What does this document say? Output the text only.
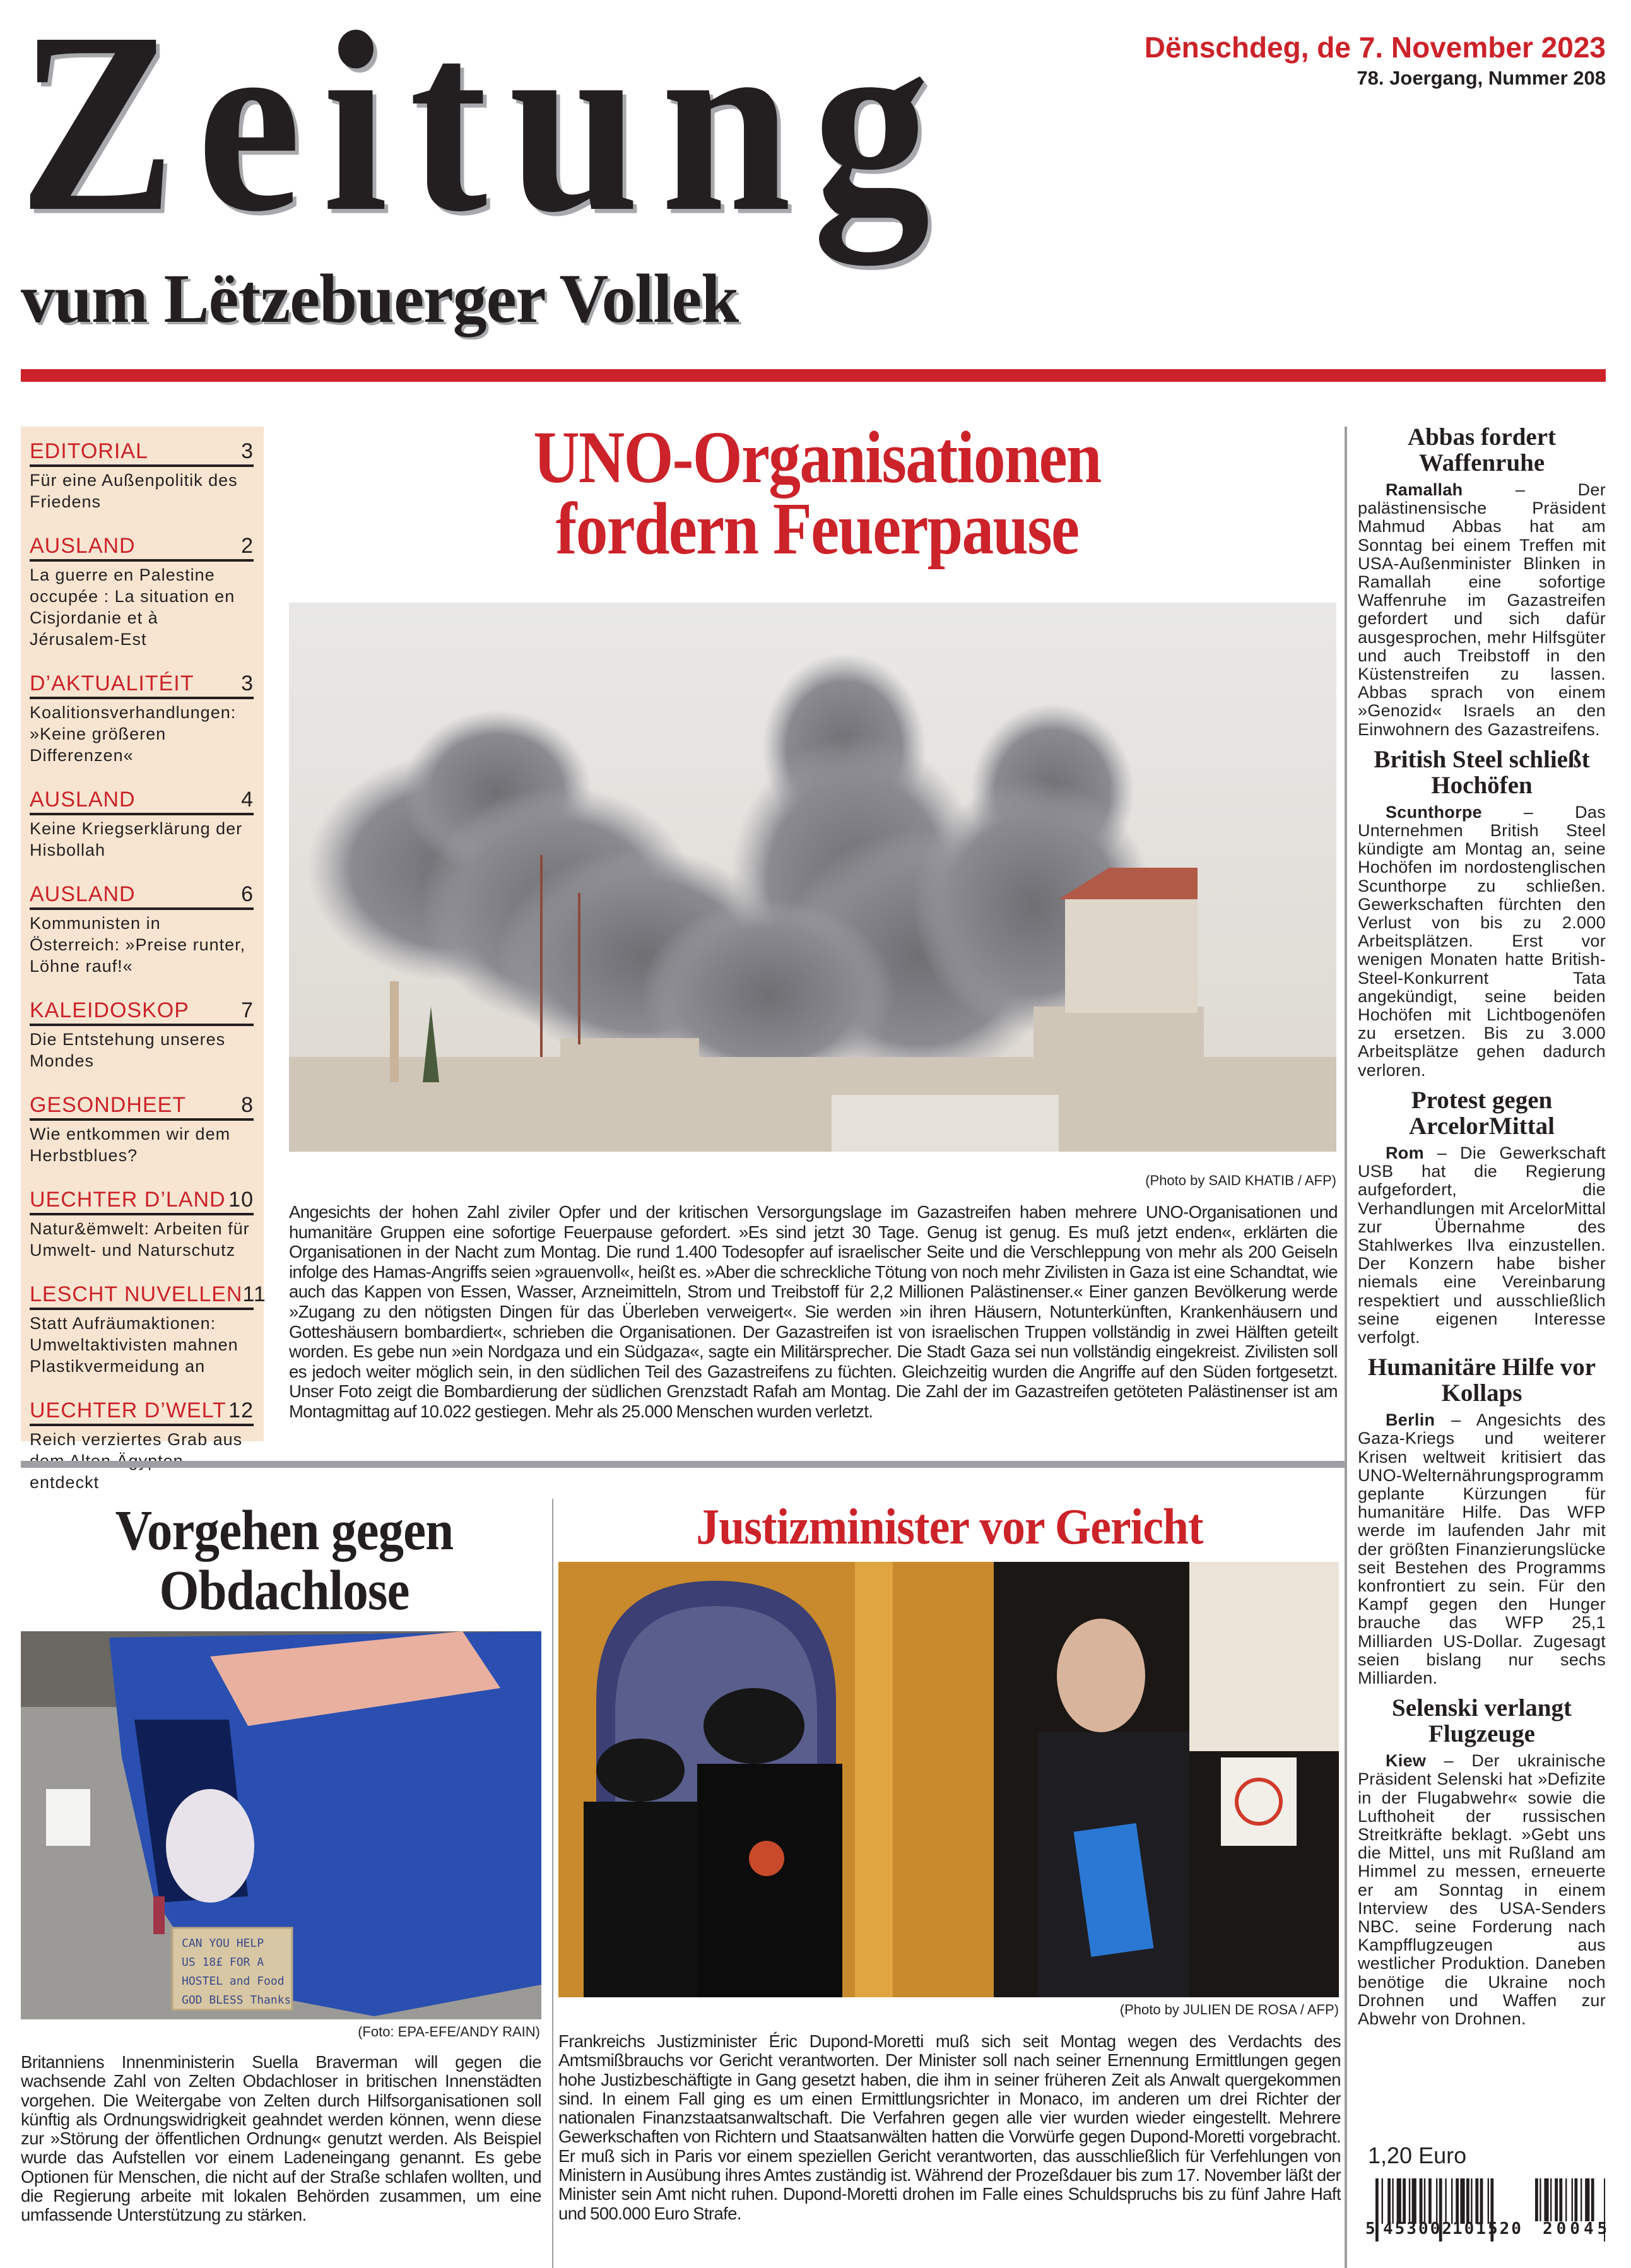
Zeitung
vum Lëtzebuerger Vollek
Dënschdeg, de 7. November 2023
78. Joergang, Nummer 208
EDITORIAL	3
Für eine Außenpolitik des Friedens
AUSLAND	2
La guerre en Palestine occupée : La situation en Cisjordanie et à Jérusalem-Est
D’AKTUALITÉIT 3
Koalitionsverhandlungen: »Keine größeren Differenzen«
AUSLAND	4
Keine Kriegserklärung der Hisbollah
AUSLAND	6
Kommunisten in Österreich: »Preise runter, Löhne rauf!«
KALEIDOSKOP 7
Die Entstehung unseres Mondes
GESONDHEET	8
Wie entkommen wir dem Herbstblues?
UECHTER D’LAND 10
Natur&ëmwelt: Arbeiten für Umwelt- und Naturschutz
LESCHT NUVELLEN 11
Statt Aufräumaktionen: Umweltaktivisten mahnen Plastikvermeidung an
UECHTER D’WELT 12
Reich verziertes Grab aus entdeckt
UNO-Organisationen
fordern Feuerpause
(Photo by SAID KHATIB / AFP)
Angesichts der hohen Zahl ziviler Opfer und der kritischen Versorgungslage im Gazastreifen haben mehrere UNO-Organisationen und humanitäre Gruppen eine sofortige Feuerpause gefordert. »Es sind jetzt 30 Tage. Genug ist genug. Es muß jetzt enden«, erklärten die Organisationen in der Nacht zum Montag. Die rund 1.400 Todesopfer auf israelischer Seite und die Verschleppung von mehr als 200 Geiseln infolge des Hamas-Angriffs seien »grauenvoll«, heißt es. »Aber die schreckliche Tötung von noch mehr Zivilisten in Gaza ist eine Schandtat, wie auch das Kappen von Essen, Wasser, Arzneimitteln, Strom und Treibstoff für 2,2 Millionen Palästinenser.« Einer ganzen Bevölkerung werde »Zugang zu den nötigsten Dingen für das Überleben verweigert«. Sie werden »in ihren Häusern, Notunterkünften, Krankenhäusern und Gotteshäusern bombardiert«, schrieben die Organisationen. Der Gazastreifen ist von israelischen Truppen vollständig in zwei Hälften geteilt worden. Es gebe nun »ein Nordgaza und ein Südgaza«, sagte ein Militärsprecher. Die Stadt Gaza sei nun vollständig eingekreist. Zivilisten soll es jedoch weiter möglich sein, in den südlichen Teil des Gazastreifens zu füchten. Gleichzeitig wurden die Angriffe auf den Süden fortgesetzt. Unser Foto zeigt die Bombardierung der südlichen Grenzstadt Rafah am Montag. Die Zahl der im Gazastreifen getöteten Palästinenser ist am Montagmittag auf 10.022 gestiegen. Mehr als 25.000 Menschen wurden verletzt.
Abbas fordert Waffenruhe
Ramallah – Der palästinensische Präsident Mahmud Abbas hat am Sonntag bei einem Treffen mit USA-Außenminister Blinken in Ramallah eine sofortige Waffenruhe im Gazastreifen gefordert und sich dafür ausgesprochen, mehr Hilfsgüter und auch Treibstoff in den Küstenstreifen zu lassen. Abbas sprach von einem »Genozid« Israels an den Einwohnern des Gazastreifens.
British Steel schließt Hochöfen
Scunthorpe – Das Unternehmen British Steel kündigte am Montag an, seine Hochöfen im nordostenglischen Scunthorpe zu schließen. Gewerkschaften fürchten den Verlust von bis zu 2.000 Arbeitsplätzen. Erst vor wenigen Monaten hatte British-Steel-Konkurrent Tata angekündigt, seine beiden Hochöfen mit Lichtbogenöfen zu ersetzen. Bis zu 3.000 Arbeitsplätze gehen dadurch verloren.
Protest gegen ArcelorMittal
Rom – Die Gewerkschaft USB hat die Regierung aufgefordert, die Verhandlungen mit ArcelorMittal zur Übernahme des Stahlwerkes Ilva einzustellen. Der Konzern habe bisher niemals eine Vereinbarung respektiert und ausschließlich seine eigenen Interesse verfolgt.
Humanitäre Hilfe vor Kollaps
Berlin – Angesichts des Gaza-Kriegs und weiterer Krisen weltweit kritisiert das UNO-Welternährungsprogramm geplante Kürzungen für humanitäre Hilfe. Das WFP werde im laufenden Jahr mit der größten Finanzierungslücke seit Bestehen des Programms konfrontiert zu sein. Für den Kampf gegen den Hunger brauche das WFP 25,1 Milliarden US-Dollar. Zugesagt seien bislang nur sechs Milliarden.
Selenski verlangt Flugzeuge
Kiew – Der ukrainische Präsident Selenski hat »Defizite in der Flugabwehr« sowie die Lufthoheit der russischen Streitkräfte beklagt. »Gebt uns die Mittel, uns mit Rußland am Himmel zu messen, erneuerte er am Sonntag in einem Interview des USA-Senders NBC. seine Forderung nach Kampfflugzeugen aus westlicher Produktion. Daneben benötige die Ukraine noch Drohnen und Waffen zur Abwehr von Drohnen.
1,20 Euro
5 453002
101520 20045
Vorgehen gegen
Obdachlose
CAN YOU HELP
US 18£ FOR A
HOSTEL and Food
GOD BLESS Thanks
(Foto: EPA-EFE/ANDY RAIN)
Britanniens Innenministerin Suella Braverman will gegen die wachsende Zahl von Zelten Obdachloser in britischen Innenstädten vorgehen. Die Weitergabe von Zelten durch Hilfsorganisationen soll künftig als Ordnungswidrigkeit geahndet werden können, wenn diese zur »Störung der öffentlichen Ordnung« genutzt werden. Als Beispiel wurde das Aufstellen vor einem Ladeneingang genannt. Es gebe Optionen für Menschen, die nicht auf der Straße schlafen wollten, und die Regierung arbeite mit lokalen Behörden zusammen, um eine umfassende Unterstützung zu stärken.
Justizminister vor Gericht
(Photo by JULIEN DE ROSA / AFP)
Frankreichs Justizminister Éric Dupond-Moretti muß sich seit Montag wegen des Verdachts des Amtsmißbrauchs vor Gericht verantworten. Der Minister soll nach seiner Ernennung Ermittlungen gegen hohe Justizbeschäftigte in Gang gesetzt haben, die ihm in seiner früheren Zeit als Anwalt quergekommen sind. In einem Fall ging es um einen Ermittlungsrichter in Monaco, im anderen um drei Richter der nationalen Finanzstaatsanwaltschaft. Die Verfahren gegen alle vier wurden wieder eingestellt. Mehrere Gewerkschaften von Richtern und Staatsanwälten hatten die Vorwürfe gegen Dupond-Moretti vorgebracht. Er muß sich in Paris vor einem speziellen Gericht verantworten, das ausschließlich für Verfehlungen von Ministern in Ausübung ihres Amtes zuständig ist. Während der Prozeßdauer bis zum 17. November läßt der Minister sein Amt nicht ruhen. Dupond-Moretti drohen im Falle eines Schuldspruchs bis zu fünf Jahre Haft und 500.000 Euro Strafe.
